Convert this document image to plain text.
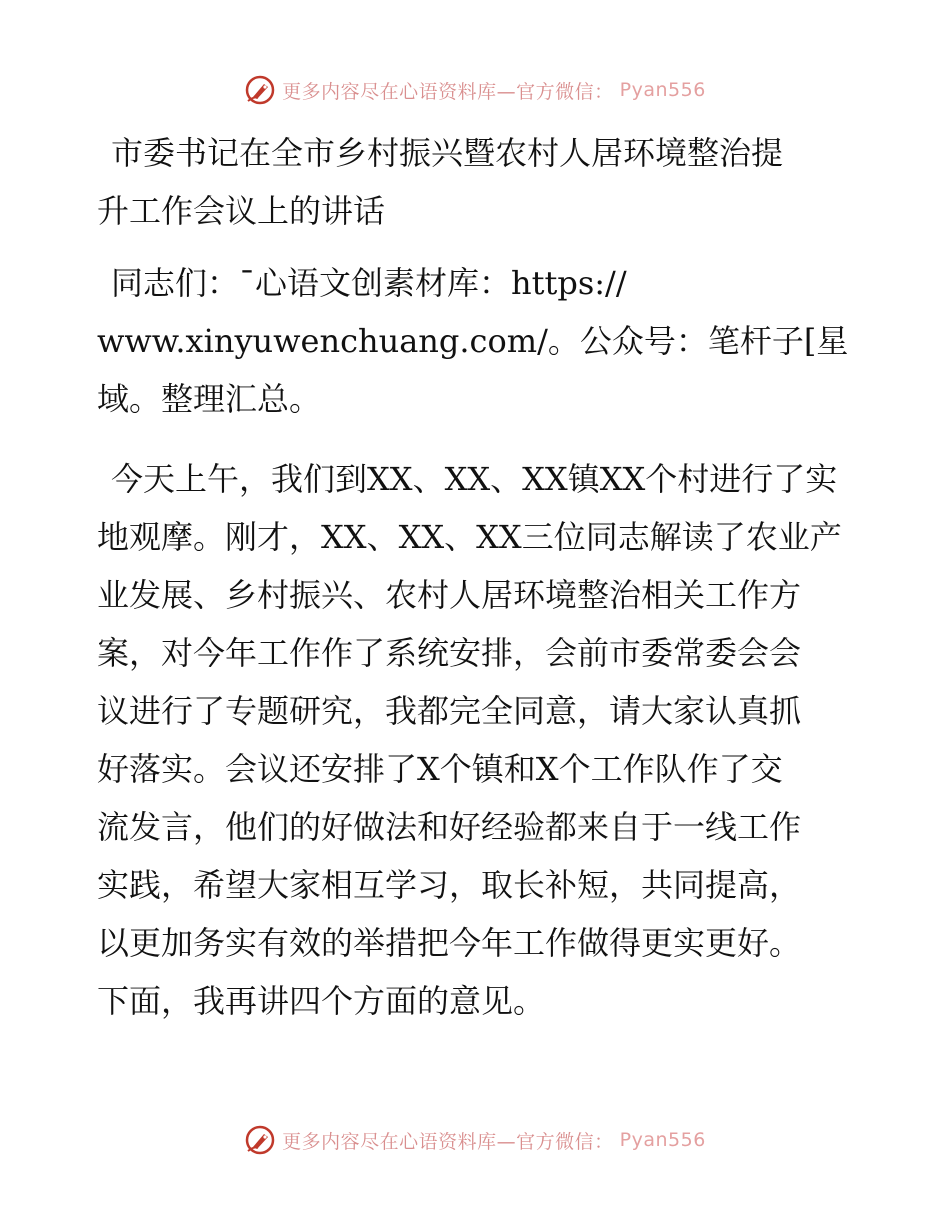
更多内容尽在心语资料库—官方微信： Pyan556
市委书记在全市乡村振兴暨农村人居环境整治提
升工作会议上的讲话
同志们：¯心语文创素材库：https://
www.xinyuwenchuang.com/。公众号：笔杆子[星
域。整理汇总。
今天上午，我们到XX、XX、XX镇XX个村进行了实
地观摩。刚才，XX、XX、XX三位同志解读了农业产
业发展、乡村振兴、农村人居环境整治相关工作方
案，对今年工作作了系统安排，会前市委常委会会
议进行了专题研究，我都完全同意，请大家认真抓
好落实。会议还安排了X个镇和X个工作队作了交
流发言，他们的好做法和好经验都来自于一线工作
实践，希望大家相互学习，取长补短，共同提高，
以更加务实有效的举措把今年工作做得更实更好。
下面，我再讲四个方面的意见。
更多内容尽在心语资料库—官方微信： Pyan556
